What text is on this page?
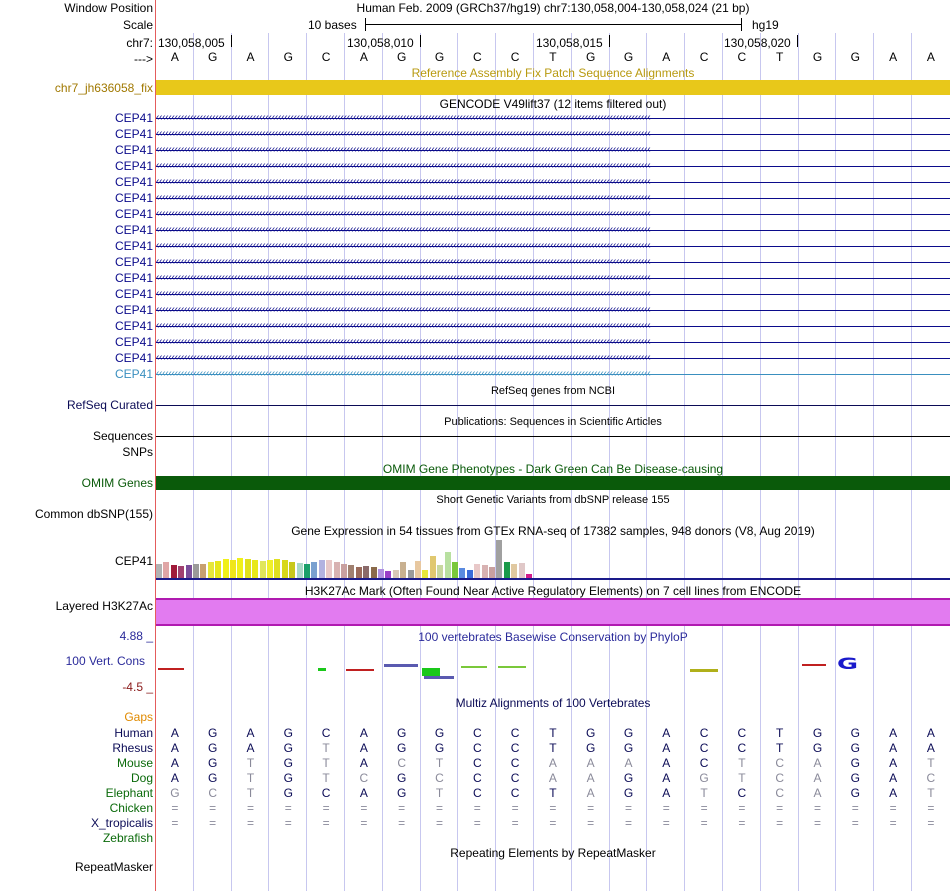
Window Position
Scale
chr7:
--->
Human Feb. 2009 (GRCh37/hg19) chr7:130,058,004-130,058,024 (21 bp)
10 bases	hg19
130,058,005	130,058,010	130,058,015	130,058,020
Reference Assembly Fix Patch Sequence Alignments
chr7_jh636058_fix
GENCODE V49lift37 (12 items filtered out)
RefSeq genes from NCBI
RefSeq Curated
Publications: Sequences in Scientific Articles
Sequences
SNPs
OMIM Gene Phenotypes - Dark Green Can Be Disease-causing
OMIM Genes
Short Genetic Variants from dbSNP release 155
Common dbSNP(155)
Gene Expression in 54 tissues from GTEx RNA-seq of 17382 samples, 948 donors (V8, Aug 2019)
CEP41
H3K27Ac Mark (Often Found Near Active Regulatory Elements) on 7 cell lines from ENCODE
Layered H3K27Ac
100 vertebrates Basewise Conservation by PhyloP
4.88 _
100 Vert. Cons
-4.5 _
Multiz Alignments of 100 Vertebrates
Gaps
Repeating Elements by RepeatMasker
RepeatMasker
A	G	A	G	C	A	G	G	C	C	T	G	G	A	C	C	T	G	G	A	A
CEP41 ‹‹‹‹‹‹‹‹‹‹‹‹‹‹‹‹‹‹‹‹‹‹‹‹‹‹‹‹‹‹‹‹‹‹‹‹‹‹‹‹‹‹‹‹‹‹‹‹‹‹‹‹‹‹‹‹‹‹‹‹‹‹‹‹‹‹‹‹‹‹‹‹‹‹‹‹‹‹‹‹‹‹‹‹‹‹‹‹‹‹‹‹‹‹‹‹‹‹‹‹‹‹‹‹‹‹‹‹‹‹‹‹‹‹‹‹‹‹‹‹‹‹‹‹‹‹‹‹‹‹‹‹‹‹‹‹‹‹‹‹‹‹‹‹‹‹‹‹‹‹‹‹‹‹‹‹‹‹
CEP41 ‹‹‹‹‹‹‹‹‹‹‹‹‹‹‹‹‹‹‹‹‹‹‹‹‹‹‹‹‹‹‹‹‹‹‹‹‹‹‹‹‹‹‹‹‹‹‹‹‹‹‹‹‹‹‹‹‹‹‹‹‹‹‹‹‹‹‹‹‹‹‹‹‹‹‹‹‹‹‹‹‹‹‹‹‹‹‹‹‹‹‹‹‹‹‹‹‹‹‹‹‹‹‹‹‹‹‹‹‹‹‹‹‹‹‹‹‹‹‹‹‹‹‹‹‹‹‹‹‹‹‹‹‹‹‹‹‹‹‹‹‹‹‹‹‹‹‹‹‹‹‹‹‹‹‹‹‹‹
CEP41 ‹‹‹‹‹‹‹‹‹‹‹‹‹‹‹‹‹‹‹‹‹‹‹‹‹‹‹‹‹‹‹‹‹‹‹‹‹‹‹‹‹‹‹‹‹‹‹‹‹‹‹‹‹‹‹‹‹‹‹‹‹‹‹‹‹‹‹‹‹‹‹‹‹‹‹‹‹‹‹‹‹‹‹‹‹‹‹‹‹‹‹‹‹‹‹‹‹‹‹‹‹‹‹‹‹‹‹‹‹‹‹‹‹‹‹‹‹‹‹‹‹‹‹‹‹‹‹‹‹‹‹‹‹‹‹‹‹‹‹‹‹‹‹‹‹‹‹‹‹‹‹‹‹‹‹‹‹‹
CEP41 ‹‹‹‹‹‹‹‹‹‹‹‹‹‹‹‹‹‹‹‹‹‹‹‹‹‹‹‹‹‹‹‹‹‹‹‹‹‹‹‹‹‹‹‹‹‹‹‹‹‹‹‹‹‹‹‹‹‹‹‹‹‹‹‹‹‹‹‹‹‹‹‹‹‹‹‹‹‹‹‹‹‹‹‹‹‹‹‹‹‹‹‹‹‹‹‹‹‹‹‹‹‹‹‹‹‹‹‹‹‹‹‹‹‹‹‹‹‹‹‹‹‹‹‹‹‹‹‹‹‹‹‹‹‹‹‹‹‹‹‹‹‹‹‹‹‹‹‹‹‹‹‹‹‹‹‹‹‹
CEP41 ‹‹‹‹‹‹‹‹‹‹‹‹‹‹‹‹‹‹‹‹‹‹‹‹‹‹‹‹‹‹‹‹‹‹‹‹‹‹‹‹‹‹‹‹‹‹‹‹‹‹‹‹‹‹‹‹‹‹‹‹‹‹‹‹‹‹‹‹‹‹‹‹‹‹‹‹‹‹‹‹‹‹‹‹‹‹‹‹‹‹‹‹‹‹‹‹‹‹‹‹‹‹‹‹‹‹‹‹‹‹‹‹‹‹‹‹‹‹‹‹‹‹‹‹‹‹‹‹‹‹‹‹‹‹‹‹‹‹‹‹‹‹‹‹‹‹‹‹‹‹‹‹‹‹‹‹‹‹
CEP41 ‹‹‹‹‹‹‹‹‹‹‹‹‹‹‹‹‹‹‹‹‹‹‹‹‹‹‹‹‹‹‹‹‹‹‹‹‹‹‹‹‹‹‹‹‹‹‹‹‹‹‹‹‹‹‹‹‹‹‹‹‹‹‹‹‹‹‹‹‹‹‹‹‹‹‹‹‹‹‹‹‹‹‹‹‹‹‹‹‹‹‹‹‹‹‹‹‹‹‹‹‹‹‹‹‹‹‹‹‹‹‹‹‹‹‹‹‹‹‹‹‹‹‹‹‹‹‹‹‹‹‹‹‹‹‹‹‹‹‹‹‹‹‹‹‹‹‹‹‹‹‹‹‹‹‹‹‹‹
CEP41 ‹‹‹‹‹‹‹‹‹‹‹‹‹‹‹‹‹‹‹‹‹‹‹‹‹‹‹‹‹‹‹‹‹‹‹‹‹‹‹‹‹‹‹‹‹‹‹‹‹‹‹‹‹‹‹‹‹‹‹‹‹‹‹‹‹‹‹‹‹‹‹‹‹‹‹‹‹‹‹‹‹‹‹‹‹‹‹‹‹‹‹‹‹‹‹‹‹‹‹‹‹‹‹‹‹‹‹‹‹‹‹‹‹‹‹‹‹‹‹‹‹‹‹‹‹‹‹‹‹‹‹‹‹‹‹‹‹‹‹‹‹‹‹‹‹‹‹‹‹‹‹‹‹‹‹‹‹‹
CEP41 ‹‹‹‹‹‹‹‹‹‹‹‹‹‹‹‹‹‹‹‹‹‹‹‹‹‹‹‹‹‹‹‹‹‹‹‹‹‹‹‹‹‹‹‹‹‹‹‹‹‹‹‹‹‹‹‹‹‹‹‹‹‹‹‹‹‹‹‹‹‹‹‹‹‹‹‹‹‹‹‹‹‹‹‹‹‹‹‹‹‹‹‹‹‹‹‹‹‹‹‹‹‹‹‹‹‹‹‹‹‹‹‹‹‹‹‹‹‹‹‹‹‹‹‹‹‹‹‹‹‹‹‹‹‹‹‹‹‹‹‹‹‹‹‹‹‹‹‹‹‹‹‹‹‹‹‹‹‹
CEP41 ‹‹‹‹‹‹‹‹‹‹‹‹‹‹‹‹‹‹‹‹‹‹‹‹‹‹‹‹‹‹‹‹‹‹‹‹‹‹‹‹‹‹‹‹‹‹‹‹‹‹‹‹‹‹‹‹‹‹‹‹‹‹‹‹‹‹‹‹‹‹‹‹‹‹‹‹‹‹‹‹‹‹‹‹‹‹‹‹‹‹‹‹‹‹‹‹‹‹‹‹‹‹‹‹‹‹‹‹‹‹‹‹‹‹‹‹‹‹‹‹‹‹‹‹‹‹‹‹‹‹‹‹‹‹‹‹‹‹‹‹‹‹‹‹‹‹‹‹‹‹‹‹‹‹‹‹‹‹
CEP41 ‹‹‹‹‹‹‹‹‹‹‹‹‹‹‹‹‹‹‹‹‹‹‹‹‹‹‹‹‹‹‹‹‹‹‹‹‹‹‹‹‹‹‹‹‹‹‹‹‹‹‹‹‹‹‹‹‹‹‹‹‹‹‹‹‹‹‹‹‹‹‹‹‹‹‹‹‹‹‹‹‹‹‹‹‹‹‹‹‹‹‹‹‹‹‹‹‹‹‹‹‹‹‹‹‹‹‹‹‹‹‹‹‹‹‹‹‹‹‹‹‹‹‹‹‹‹‹‹‹‹‹‹‹‹‹‹‹‹‹‹‹‹‹‹‹‹‹‹‹‹‹‹‹‹‹‹‹‹
CEP41 ‹‹‹‹‹‹‹‹‹‹‹‹‹‹‹‹‹‹‹‹‹‹‹‹‹‹‹‹‹‹‹‹‹‹‹‹‹‹‹‹‹‹‹‹‹‹‹‹‹‹‹‹‹‹‹‹‹‹‹‹‹‹‹‹‹‹‹‹‹‹‹‹‹‹‹‹‹‹‹‹‹‹‹‹‹‹‹‹‹‹‹‹‹‹‹‹‹‹‹‹‹‹‹‹‹‹‹‹‹‹‹‹‹‹‹‹‹‹‹‹‹‹‹‹‹‹‹‹‹‹‹‹‹‹‹‹‹‹‹‹‹‹‹‹‹‹‹‹‹‹‹‹‹‹‹‹‹‹
CEP41 ‹‹‹‹‹‹‹‹‹‹‹‹‹‹‹‹‹‹‹‹‹‹‹‹‹‹‹‹‹‹‹‹‹‹‹‹‹‹‹‹‹‹‹‹‹‹‹‹‹‹‹‹‹‹‹‹‹‹‹‹‹‹‹‹‹‹‹‹‹‹‹‹‹‹‹‹‹‹‹‹‹‹‹‹‹‹‹‹‹‹‹‹‹‹‹‹‹‹‹‹‹‹‹‹‹‹‹‹‹‹‹‹‹‹‹‹‹‹‹‹‹‹‹‹‹‹‹‹‹‹‹‹‹‹‹‹‹‹‹‹‹‹‹‹‹‹‹‹‹‹‹‹‹‹‹‹‹‹
CEP41 ‹‹‹‹‹‹‹‹‹‹‹‹‹‹‹‹‹‹‹‹‹‹‹‹‹‹‹‹‹‹‹‹‹‹‹‹‹‹‹‹‹‹‹‹‹‹‹‹‹‹‹‹‹‹‹‹‹‹‹‹‹‹‹‹‹‹‹‹‹‹‹‹‹‹‹‹‹‹‹‹‹‹‹‹‹‹‹‹‹‹‹‹‹‹‹‹‹‹‹‹‹‹‹‹‹‹‹‹‹‹‹‹‹‹‹‹‹‹‹‹‹‹‹‹‹‹‹‹‹‹‹‹‹‹‹‹‹‹‹‹‹‹‹‹‹‹‹‹‹‹‹‹‹‹‹‹‹‹
CEP41 ‹‹‹‹‹‹‹‹‹‹‹‹‹‹‹‹‹‹‹‹‹‹‹‹‹‹‹‹‹‹‹‹‹‹‹‹‹‹‹‹‹‹‹‹‹‹‹‹‹‹‹‹‹‹‹‹‹‹‹‹‹‹‹‹‹‹‹‹‹‹‹‹‹‹‹‹‹‹‹‹‹‹‹‹‹‹‹‹‹‹‹‹‹‹‹‹‹‹‹‹‹‹‹‹‹‹‹‹‹‹‹‹‹‹‹‹‹‹‹‹‹‹‹‹‹‹‹‹‹‹‹‹‹‹‹‹‹‹‹‹‹‹‹‹‹‹‹‹‹‹‹‹‹‹‹‹‹‹
CEP41 ‹‹‹‹‹‹‹‹‹‹‹‹‹‹‹‹‹‹‹‹‹‹‹‹‹‹‹‹‹‹‹‹‹‹‹‹‹‹‹‹‹‹‹‹‹‹‹‹‹‹‹‹‹‹‹‹‹‹‹‹‹‹‹‹‹‹‹‹‹‹‹‹‹‹‹‹‹‹‹‹‹‹‹‹‹‹‹‹‹‹‹‹‹‹‹‹‹‹‹‹‹‹‹‹‹‹‹‹‹‹‹‹‹‹‹‹‹‹‹‹‹‹‹‹‹‹‹‹‹‹‹‹‹‹‹‹‹‹‹‹‹‹‹‹‹‹‹‹‹‹‹‹‹‹‹‹‹‹
CEP41 ‹‹‹‹‹‹‹‹‹‹‹‹‹‹‹‹‹‹‹‹‹‹‹‹‹‹‹‹‹‹‹‹‹‹‹‹‹‹‹‹‹‹‹‹‹‹‹‹‹‹‹‹‹‹‹‹‹‹‹‹‹‹‹‹‹‹‹‹‹‹‹‹‹‹‹‹‹‹‹‹‹‹‹‹‹‹‹‹‹‹‹‹‹‹‹‹‹‹‹‹‹‹‹‹‹‹‹‹‹‹‹‹‹‹‹‹‹‹‹‹‹‹‹‹‹‹‹‹‹‹‹‹‹‹‹‹‹‹‹‹‹‹‹‹‹‹‹‹‹‹‹‹‹‹‹‹‹‹
CEP41 ‹‹‹‹‹‹‹‹‹‹‹‹‹‹‹‹‹‹‹‹‹‹‹‹‹‹‹‹‹‹‹‹‹‹‹‹‹‹‹‹‹‹‹‹‹‹‹‹‹‹‹‹‹‹‹‹‹‹‹‹‹‹‹‹‹‹‹‹‹‹‹‹‹‹‹‹‹‹‹‹‹‹‹‹‹‹‹‹‹‹‹‹‹‹‹‹‹‹‹‹‹‹‹‹‹‹‹‹‹‹‹‹‹‹‹‹‹‹‹‹‹‹‹‹‹‹‹‹‹‹‹‹‹‹‹‹‹‹‹‹‹‹‹‹‹‹‹‹‹‹‹‹‹‹‹‹‹‹
G
Human	A	G	A	G	C	A	G	G	C	C	T	G	G	A	C	C	T	G	G	A	A
Rhesus	A	G	A	G	T	A	G	G	C	C	T	G	G	A	C	C	T	G	G	A	A
Mouse	A	G	T	G	T	A	C	T	C	C	A	A	A	A	C	T	C	A	G	A	T
Dog	A	G	T	G	T	C	G	C	C	C	A	A	G	A	G	T	C	A	G	A	C
Elephant	G	C	T	G	C	A	G	T	C	C	T	A	G	A	T	C	C	A	G	A	T
Chicken	=	=	=	=	=	=	=	=	=	=	=	=	=	=	=	=	=	=	=	=	=
X_tropicalis	=	=	=	=	=	=	=	=	=	=	=	=	=	=	=	=	=	=	=	=	=
Zebrafish
